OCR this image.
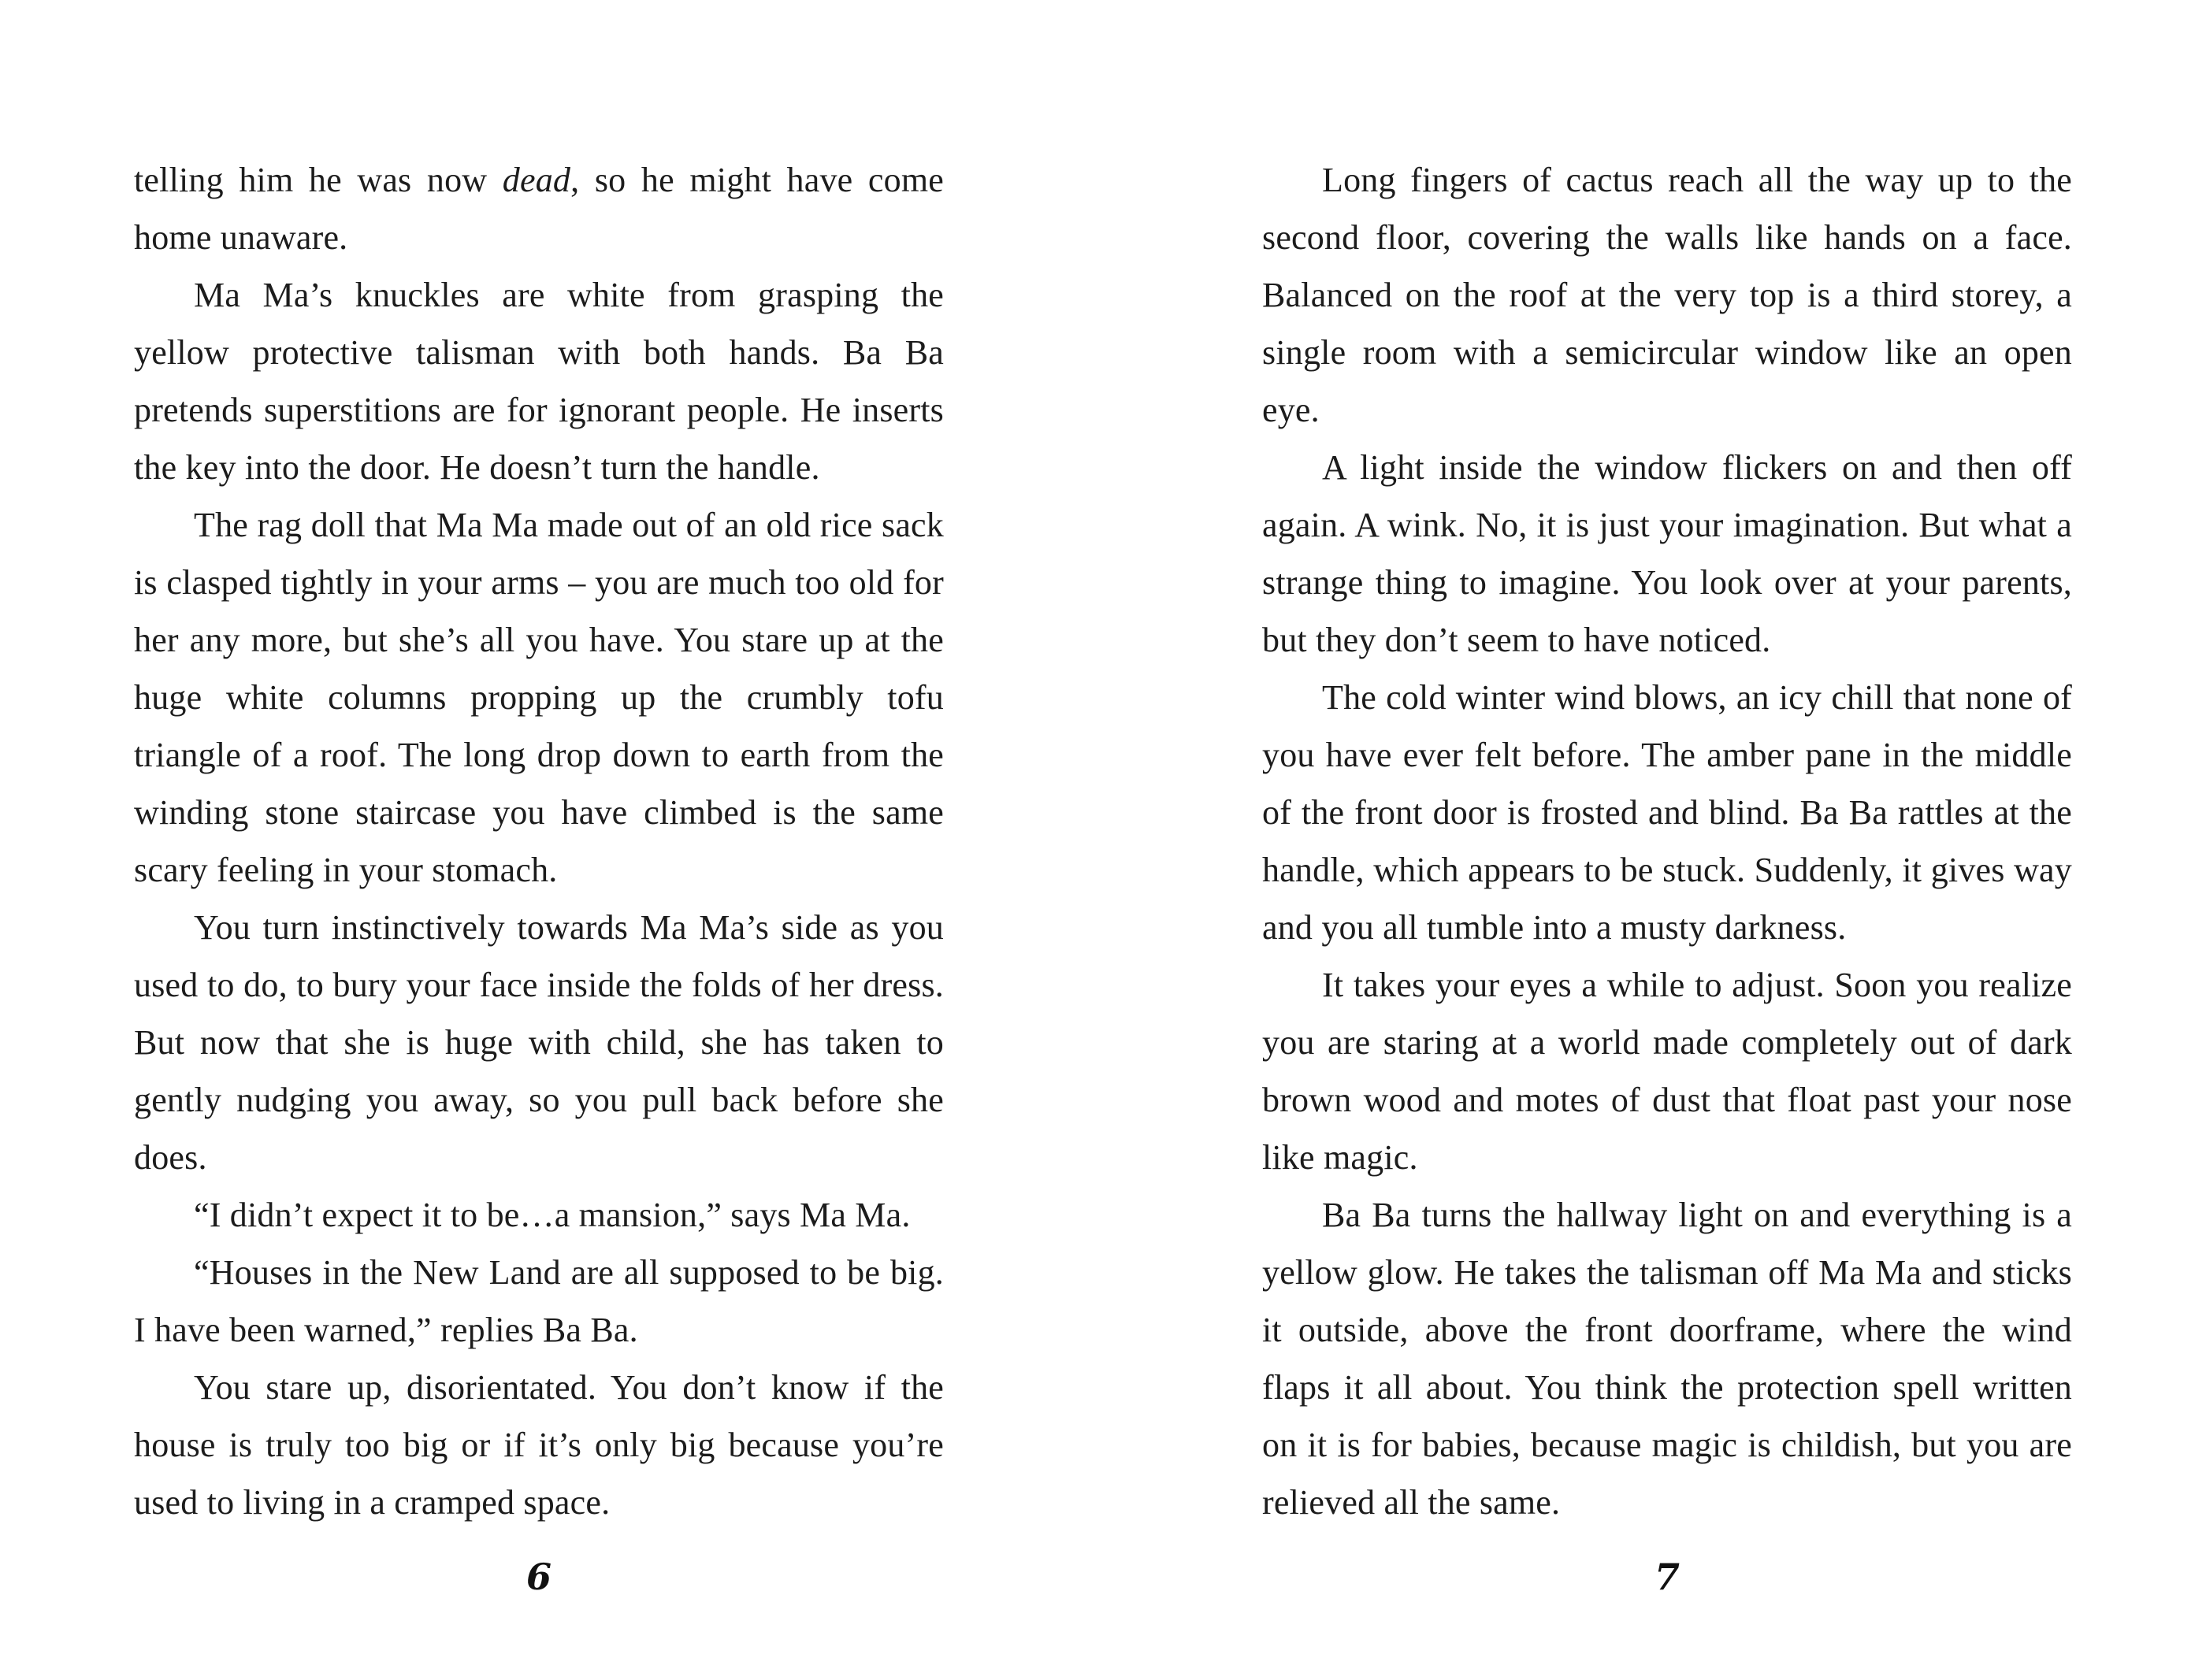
telling him he was now dead, so he might have come home unaware.

Ma Ma’s knuckles are white from grasping the yellow protective talisman with both hands. Ba Ba pretends superstitions are for ignorant people. He inserts the key into the door. He doesn’t turn the handle.

The rag doll that Ma Ma made out of an old rice sack is clasped tightly in your arms – you are much too old for her any more, but she’s all you have. You stare up at the huge white columns propping up the crumbly tofu triangle of a roof. The long drop down to earth from the winding stone staircase you have climbed is the same scary feeling in your stomach.

You turn instinctively towards Ma Ma’s side as you used to do, to bury your face inside the folds of her dress. But now that she is huge with child, she has taken to gently nudging you away, so you pull back before she does.

“I didn’t expect it to be…a mansion,” says Ma Ma.

“Houses in the New Land are all supposed to be big. I have been warned,” replies Ba Ba.

You stare up, disorientated. You don’t know if the house is truly too big or if it’s only big because you’re used to living in a cramped space.

6

Long fingers of cactus reach all the way up to the second floor, covering the walls like hands on a face. Balanced on the roof at the very top is a third storey, a single room with a semicircular window like an open eye.

A light inside the window flickers on and then off again. A wink. No, it is just your imagination. But what a strange thing to imagine. You look over at your parents, but they don’t seem to have noticed.

The cold winter wind blows, an icy chill that none of you have ever felt before. The amber pane in the middle of the front door is frosted and blind. Ba Ba rattles at the handle, which appears to be stuck. Suddenly, it gives way and you all tumble into a musty darkness.

It takes your eyes a while to adjust. Soon you realize you are staring at a world made completely out of dark brown wood and motes of dust that float past your nose like magic.

Ba Ba turns the hallway light on and everything is a yellow glow. He takes the talisman off Ma Ma and sticks it outside, above the front doorframe, where the wind flaps it all about. You think the protection spell written on it is for babies, because magic is childish, but you are relieved all the same.

7
